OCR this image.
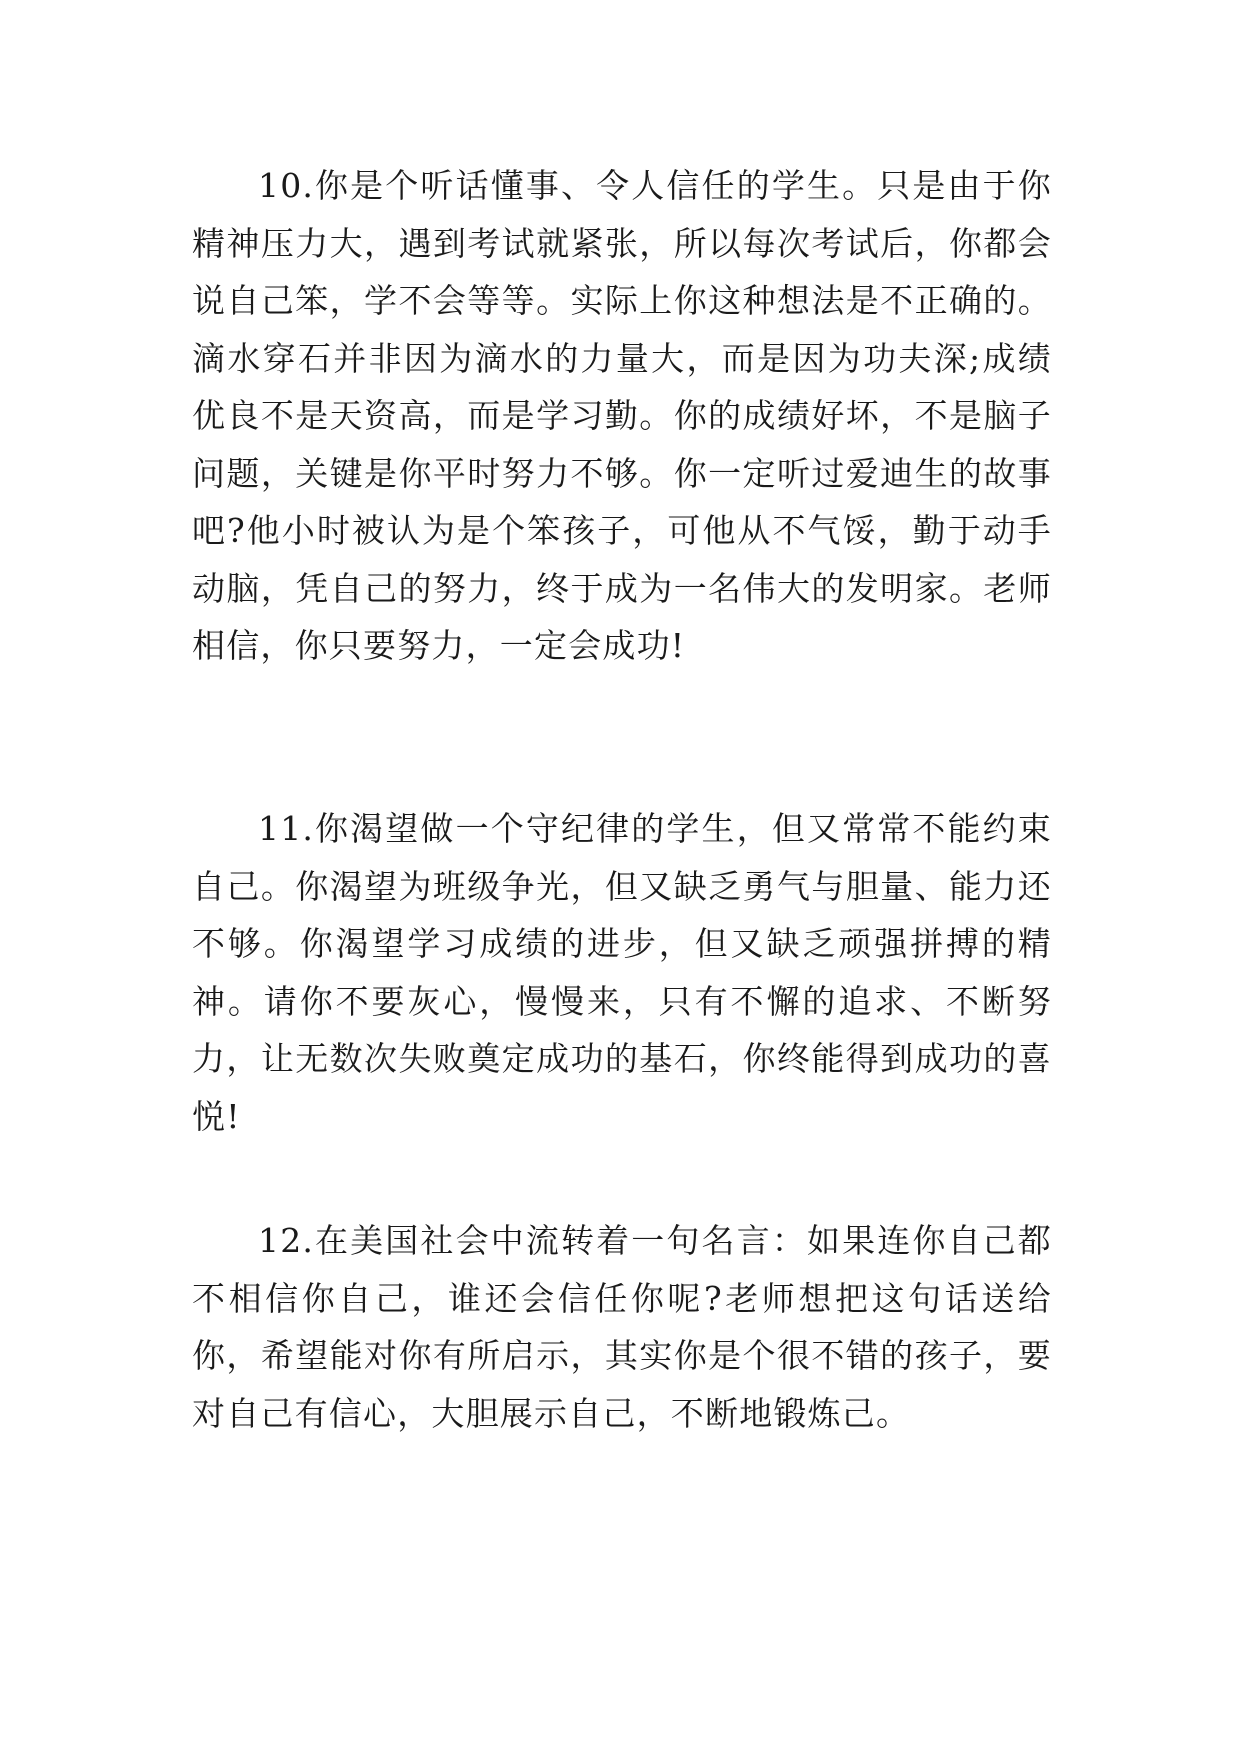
10.你是个听话懂事、令人信任的学生。只是由于你精神压力大，遇到考试就紧张，所以每次考试后，你都会说自己笨，学不会等等。实际上你这种想法是不正确的。滴水穿石并非因为滴水的力量大，而是因为功夫深;成绩优良不是天资高，而是学习勤。你的成绩好坏，不是脑子问题，关键是你平时努力不够。你一定听过爱迪生的故事吧?他小时被认为是个笨孩子，可他从不气馁，勤于动手动脑，凭自己的努力，终于成为一名伟大的发明家。老师相信，你只要努力，一定会成功!

11.你渴望做一个守纪律的学生，但又常常不能约束自己。你渴望为班级争光，但又缺乏勇气与胆量、能力还不够。你渴望学习成绩的进步，但又缺乏顽强拼搏的精神。请你不要灰心，慢慢来，只有不懈的追求、不断努力，让无数次失败奠定成功的基石，你终能得到成功的喜悦!

12.在美国社会中流转着一句名言：如果连你自己都不相信你自己，谁还会信任你呢?老师想把这句话送给你，希望能对你有所启示，其实你是个很不错的孩子，要对自己有信心，大胆展示自己，不断地锻炼己。
